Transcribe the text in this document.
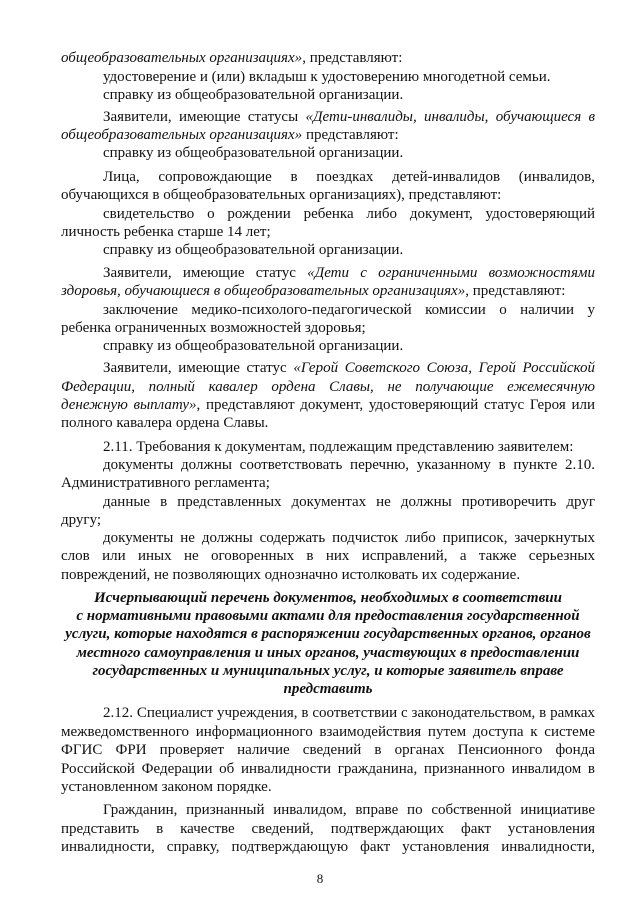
общеобразовательных организациях», представляют:
удостоверение и (или) вкладыш к удостоверению многодетной семьи.
справку из общеобразовательной организации.
Заявители, имеющие статусы «Дети-инвалиды, инвалиды, обучающиеся в
общеобразовательных организациях» представляют:
справку из общеобразовательной организации.
Лица, сопровождающие в поездках детей-инвалидов (инвалидов,
обучающихся в общеобразовательных организациях), представляют:
свидетельство о рождении ребенка либо документ, удостоверяющий
личность ребенка старше 14 лет;
справку из общеобразовательной организации.
Заявители, имеющие статус «Дети с ограниченными возможностями
здоровья, обучающиеся в общеобразовательных организациях», представляют:
заключение медико-психолого-педагогической комиссии о наличии у
ребенка ограниченных возможностей здоровья;
справку из общеобразовательной организации.
Заявители, имеющие статус «Герой Советского Союза, Герой Российской
Федерации, полный кавалер ордена Славы, не получающие ежемесячную
денежную выплату», представляют документ, удостоверяющий статус Героя или
полного кавалера ордена Славы.
2.11. Требования к документам, подлежащим представлению заявителем:
документы должны соответствовать перечню, указанному в пункте 2.10.
Административного регламента;
данные в представленных документах не должны противоречить друг
другу;
документы не должны содержать подчисток либо приписок, зачеркнутых
слов или иных не оговоренных в них исправлений, а также серьезных
повреждений, не позволяющих однозначно истолковать их содержание.
Исчерпывающий перечень документов, необходимых в соответствии
с нормативными правовыми актами для предоставления государственной
услуги, которые находятся в распоряжении государственных органов, органов
местного самоуправления и иных органов, участвующих в предоставлении
государственных и муниципальных услуг, и которые заявитель вправе
представить
2.12. Специалист учреждения, в соответствии с законодательством, в рамках
межведомственного информационного взаимодействия путем доступа к системе
ФГИС ФРИ проверяет наличие сведений в органах Пенсионного фонда
Российской Федерации об инвалидности гражданина, признанного инвалидом в
установленном законом порядке.
Гражданин, признанный инвалидом, вправе по собственной инициативе
представить в качестве сведений, подтверждающих факт установления
инвалидности, справку, подтверждающую факт установления инвалидности,
8
